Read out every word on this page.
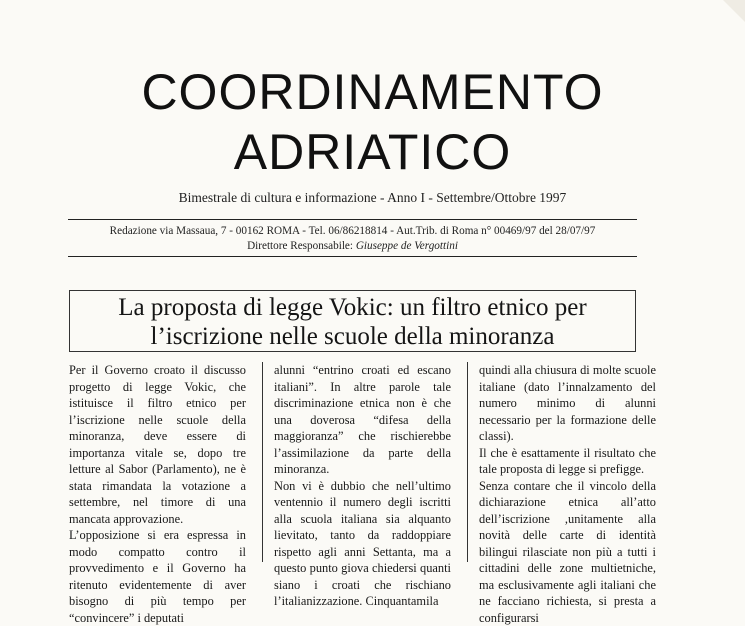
COORDINAMENTO
ADRIATICO
Bimestrale di cultura e informazione - Anno I - Settembre/Ottobre 1997
Redazione via Massaua, 7 - 00162 ROMA - Tel. 06/86218814 - Aut.Trib. di Roma n° 00469/97 del 28/07/97
Direttore Responsabile: Giuseppe de Vergottini
La proposta di legge Vokic: un filtro etnico per
l’iscrizione nelle scuole della minoranza

Per il Governo croato il discusso progetto di legge Vokic, che istituisce il filtro etnico per l’iscrizione nelle scuole della minoranza, deve essere di importanza vitale se, dopo tre letture al Sabor (Parlamento), ne è stata rimandata la votazione a settembre, nel timore di una mancata approvazione.

L’opposizione si era espressa in modo compatto contro il provvedimento e il Governo ha ritenuto evidentemente di aver bisogno di più tempo per “convincere” i deputati

alunni “entrino croati ed escano italiani”. In altre parole tale discriminazione etnica non è che una doverosa “difesa della maggioranza” che rischierebbe l’assimilazione da parte della minoranza.

Non vi è dubbio che nell’ultimo ventennio il numero degli iscritti alla scuola italiana sia alquanto lievitato, tanto da raddoppiare rispetto agli anni Settanta, ma a questo punto giova chiedersi quanti siano i croati che rischiano l’italianizzazione. Cinquantamila

quindi alla chiusura di molte scuole italiane (dato l’innalzamento del numero minimo di alunni necessario per la formazione delle classi).

Il che è esattamente il risultato che tale proposta di legge si prefigge.

Senza contare che il vincolo della dichiarazione etnica all’atto dell’iscrizione ,unitamente alla novità delle carte di identità bilingui rilasciate non più a tutti i cittadini delle zone multietniche, ma esclusivamente agli italiani che ne facciano richiesta, si presta a configurarsi
